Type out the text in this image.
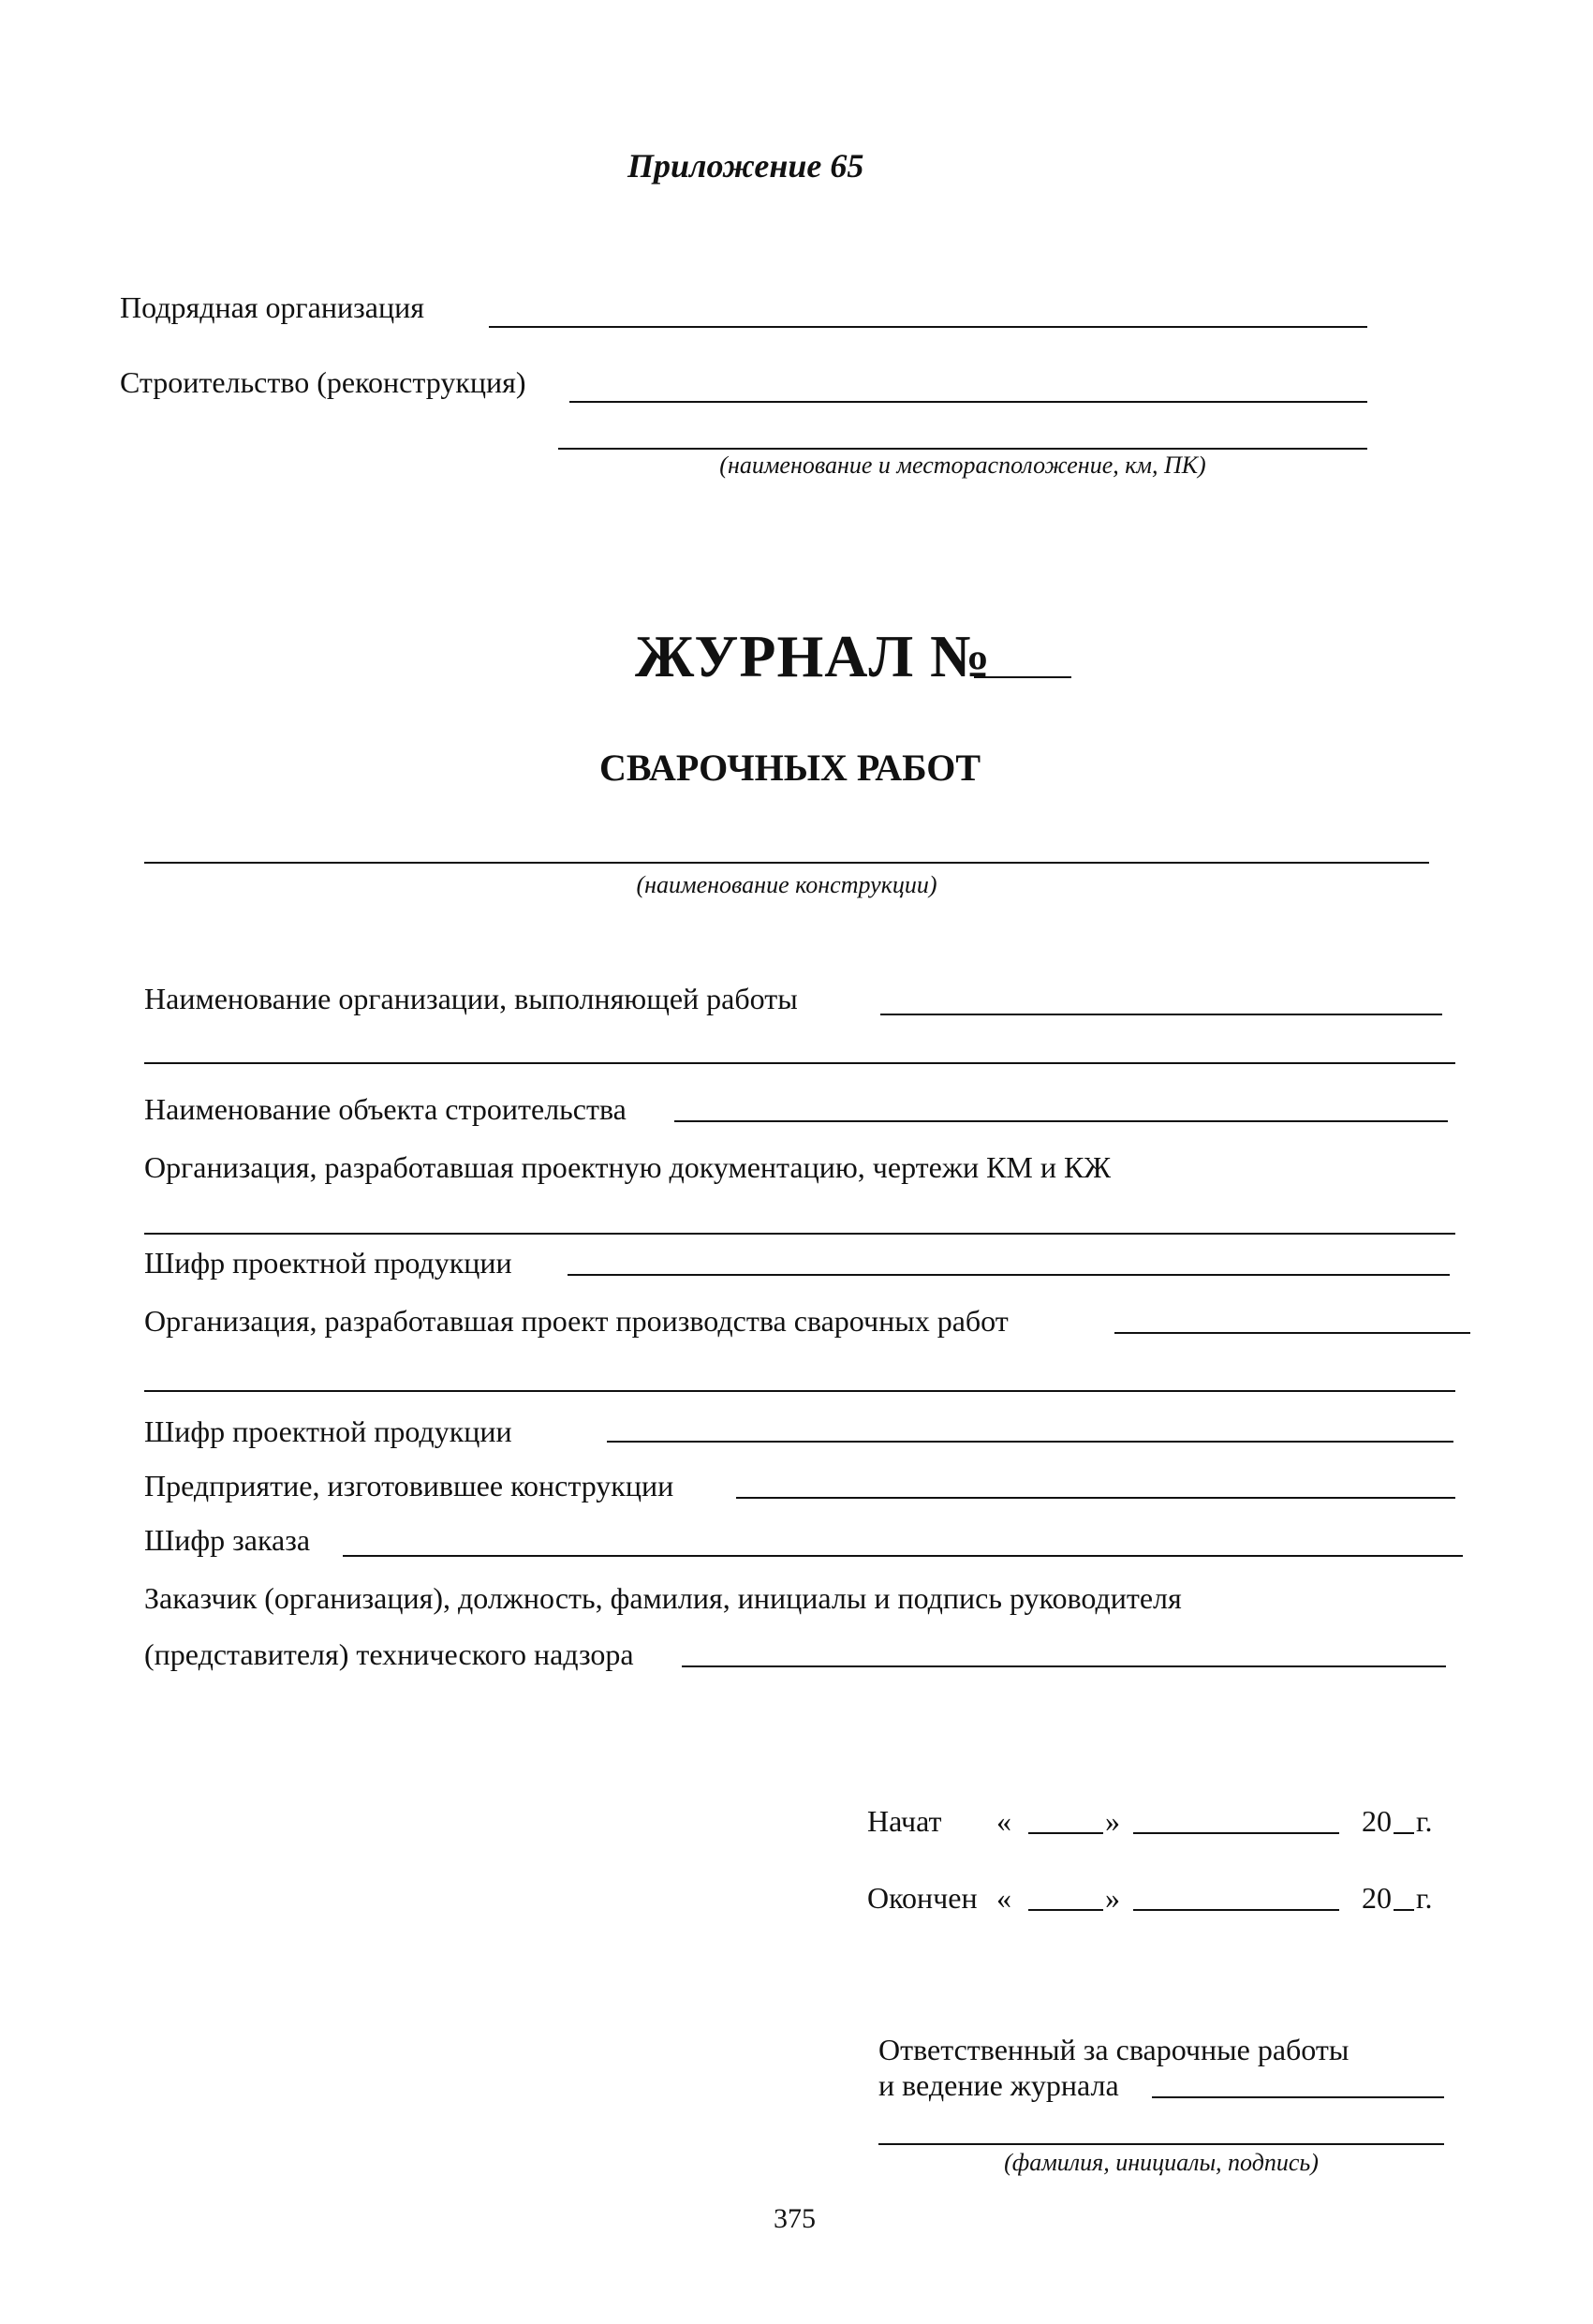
Приложение 65
Подрядная организация
Строительство (реконструкция)
(наименование и месторасположение, км, ПК)
ЖУРНАЛ №
СВАРОЧНЫХ РАБОТ
(наименование конструкции)
Наименование организации, выполняющей работы
Наименование объекта строительства
Организация, разработавшая проектную документацию, чертежи КМ и КЖ
Шифр проектной продукции
Организация, разработавшая проект производства сварочных работ
Шифр проектной продукции
Предприятие, изготовившее конструкции
Шифр заказа
Заказчик (организация), должность, фамилия, инициалы и подпись руководителя
(представителя) технического надзора
Начат «	»	20 г.
Окончен «	»	20 г.
Ответственный за сварочные работы
и ведение журнала
(фамилия, инициалы, подпись)
375
